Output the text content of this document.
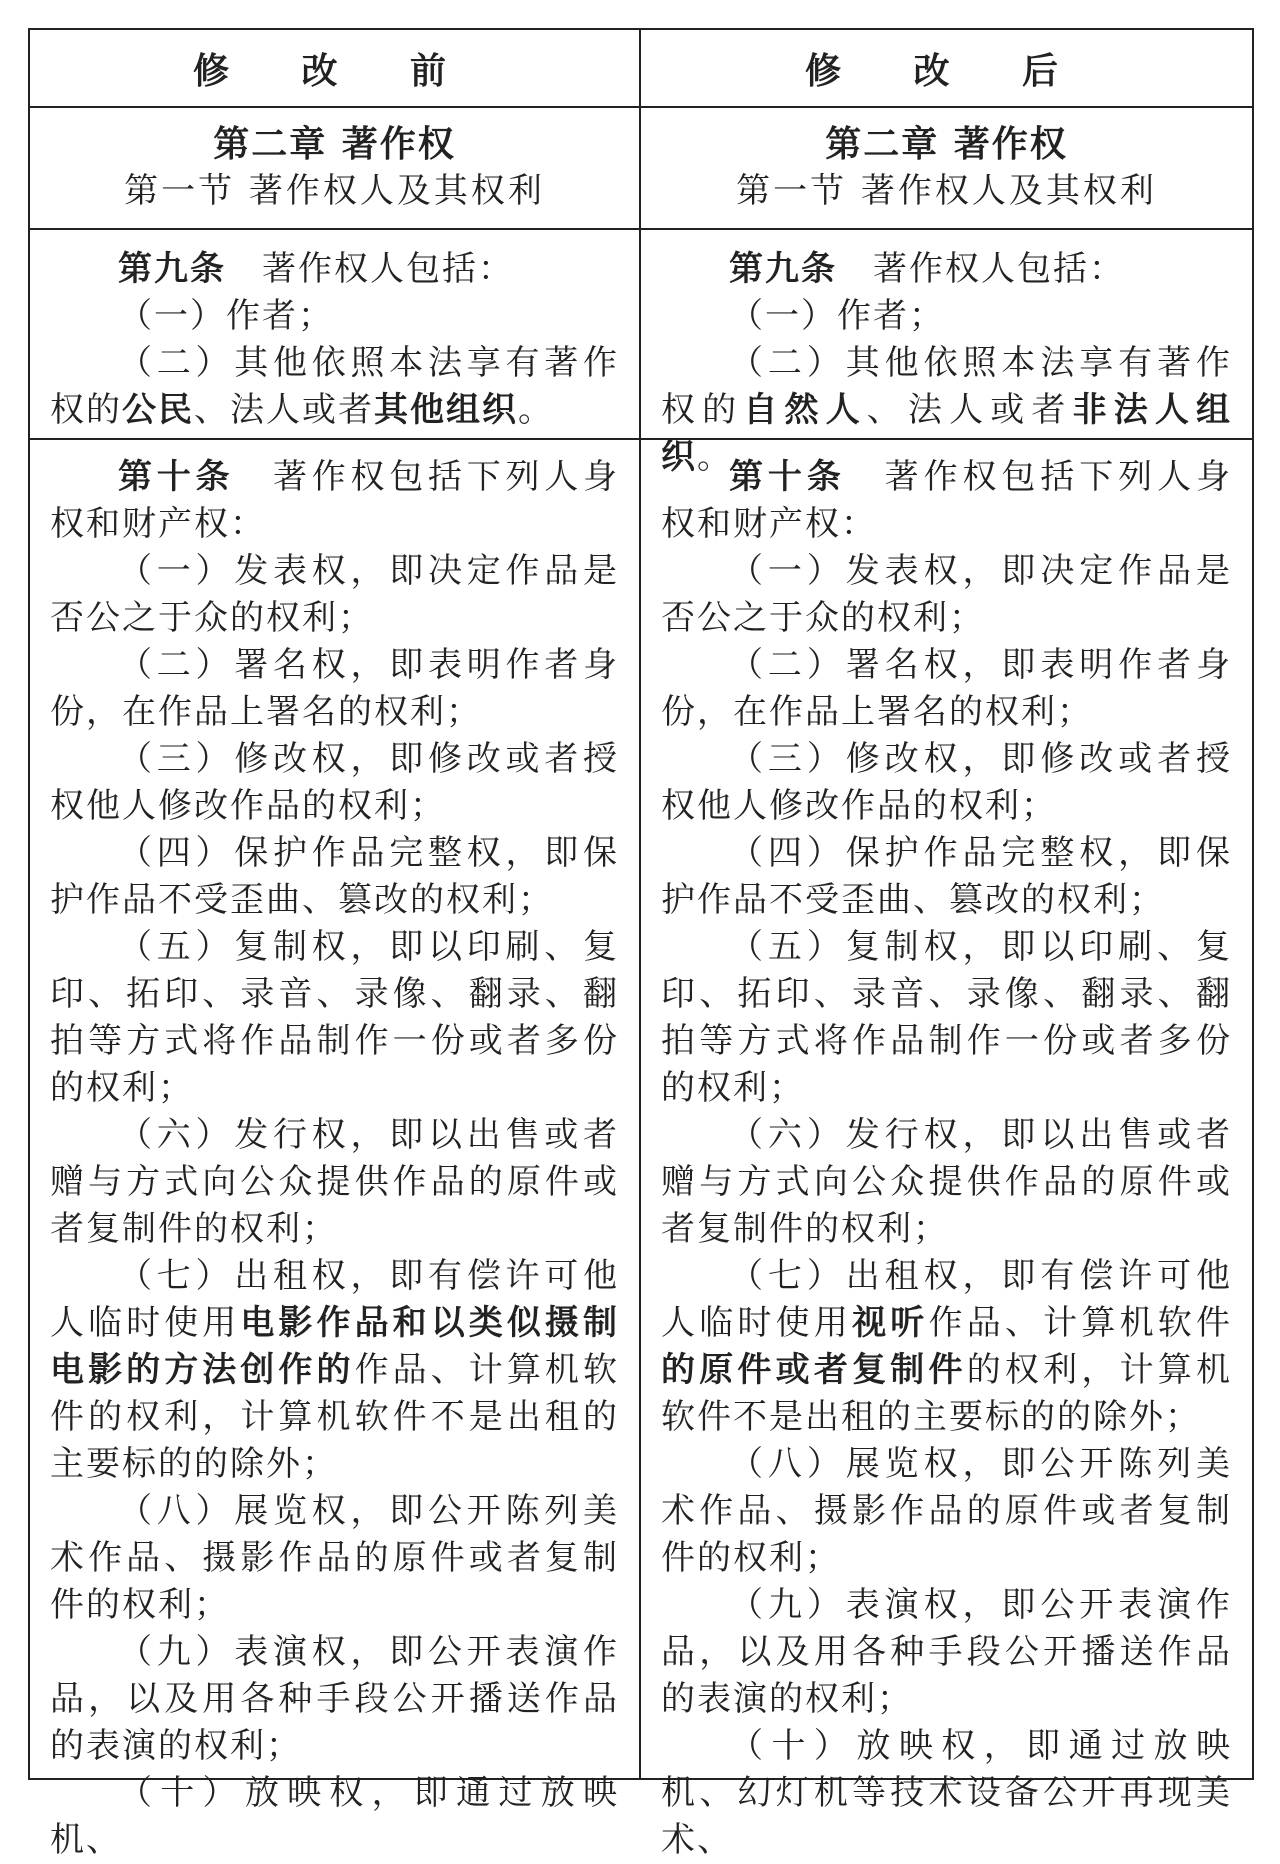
修 改 前	修 改 后
第二章 著作权
第一节 著作权人及其权利
第二章 著作权
第一节 著作权人及其权利

第九条　 著作权人包括：

（一）作者；

（二）其他依照本法享有著作权的公民、法人或者其他组织。

第九条　 著作权人包括：

（一）作者；

（二）其他依照本法享有著作权的自然人、法人或者非法人组织。

第十条　 著作权包括下列人身权和财产权：

（一）发表权，即决定作品是否公之于众的权利；

（二）署名权，即表明作者身份，在作品上署名的权利；

（三）修改权，即修改或者授权他人修改作品的权利；

（四）保护作品完整权，即保护作品不受歪曲、篡改的权利；

（五）复制权，即以印刷、复印、拓印、录音、录像、翻录、翻拍等方式将作品制作一份或者多份的权利；

（六）发行权，即以出售或者赠与方式向公众提供作品的原件或者复制件的权利；

（七）出租权，即有偿许可他人临时使用电影作品和以类似摄制电影的方法创作的作品、计算机软件的权利，计算机软件不是出租的主要标的的除外；

（八）展览权，即公开陈列美术作品、摄影作品的原件或者复制件的权利；

（九）表演权，即公开表演作品，以及用各种手段公开播送作品的表演的权利；

（十）放映权，即通过放映机、

第十条　 著作权包括下列人身权和财产权：

（一）发表权，即决定作品是否公之于众的权利；

（二）署名权，即表明作者身份，在作品上署名的权利；

（三）修改权，即修改或者授权他人修改作品的权利；

（四）保护作品完整权，即保护作品不受歪曲、篡改的权利；

（五）复制权，即以印刷、复印、拓印、录音、录像、翻录、翻拍等方式将作品制作一份或者多份的权利；

（六）发行权，即以出售或者赠与方式向公众提供作品的原件或者复制件的权利；

（七）出租权，即有偿许可他人临时使用视听作品、计算机软件的原件或者复制件的权利，计算机软件不是出租的主要标的的除外；

（八）展览权，即公开陈列美术作品、摄影作品的原件或者复制件的权利；

（九）表演权，即公开表演作品，以及用各种手段公开播送作品的表演的权利；

（十）放映权，即通过放映机、幻灯机等技术设备公开再现美术、
